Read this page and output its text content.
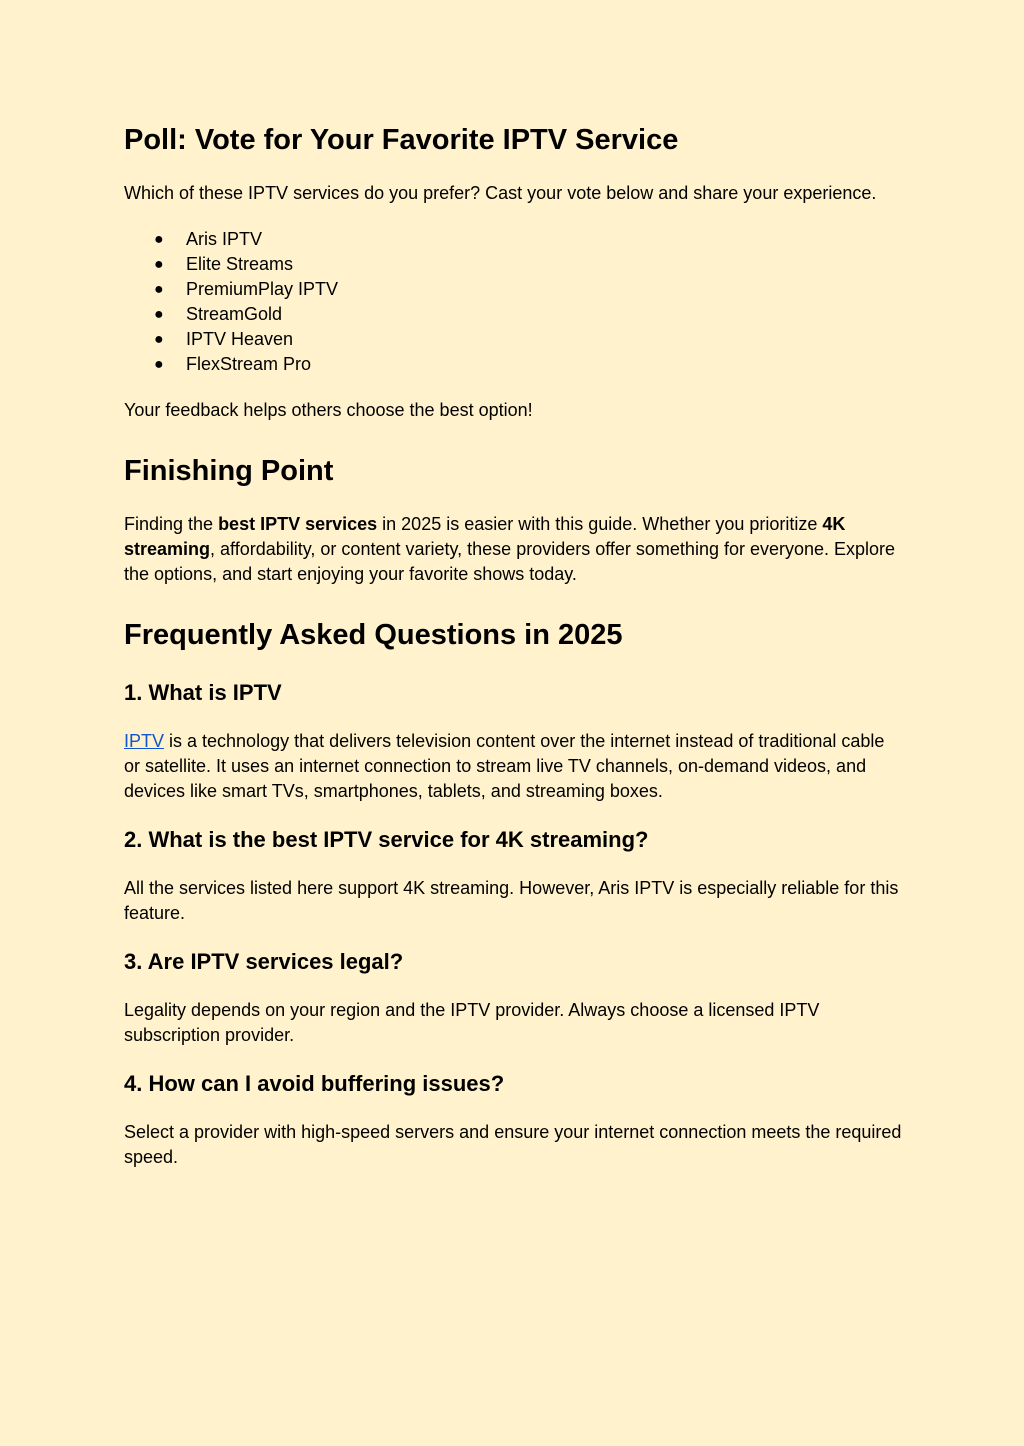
Poll: Vote for Your Favorite IPTV Service

Which of these IPTV services do you prefer? Cast your vote below and share your experience.

● Aris IPTV
● Elite Streams
● PremiumPlay IPTV
● StreamGold
● IPTV Heaven
● FlexStream Pro

Your feedback helps others choose the best option!

Finishing Point

Finding the best IPTV services in 2025 is easier with this guide. Whether you prioritize 4K streaming, affordability, or content variety, these providers offer something for everyone. Explore the options, and start enjoying your favorite shows today.

Frequently Asked Questions in 2025
1. What is IPTV

IPTV is a technology that delivers television content over the internet instead of traditional cable or satellite. It uses an internet connection to stream live TV channels, on-demand videos, and devices like smart TVs, smartphones, tablets, and streaming boxes.

2. What is the best IPTV service for 4K streaming?

All the services listed here support 4K streaming. However, Aris IPTV is especially reliable for this feature.

3. Are IPTV services legal?

Legality depends on your region and the IPTV provider. Always choose a licensed IPTV subscription provider.

4. How can I avoid buffering issues?

Select a provider with high-speed servers and ensure your internet connection meets the required speed.
